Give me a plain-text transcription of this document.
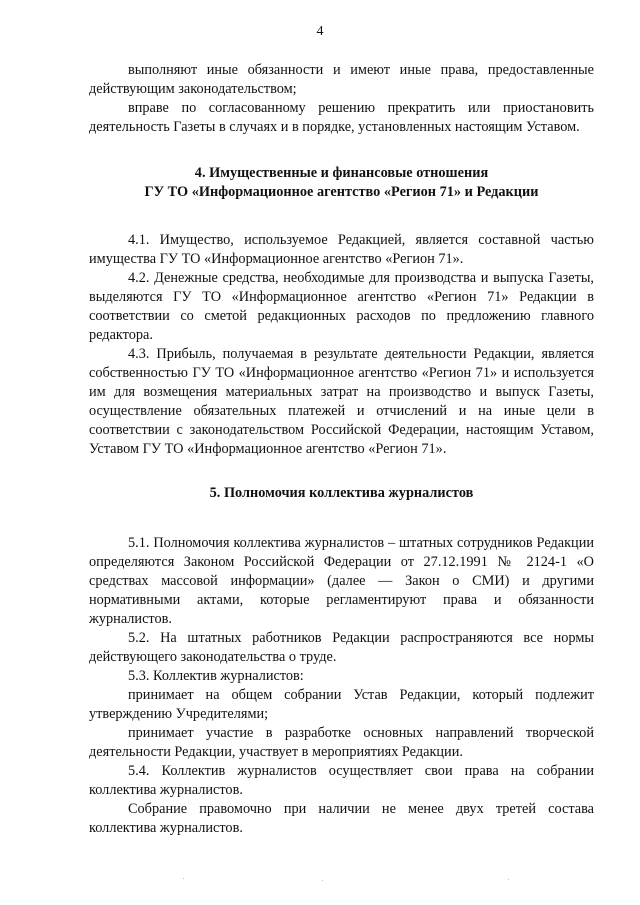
4

выполняют иные обязанности и имеют иные права, предоставленные действующим законодательством;

вправе по согласованному решению прекратить или приостановить деятельность Газеты в случаях и в порядке, установленных настоящим Уставом.

4. Имущественные и финансовые отношения
ГУ ТО «Информационное агентство «Регион 71» и Редакции

4.1. Имущество, используемое Редакцией, является составной частью имущества ГУ ТО «Информационное агентство «Регион 71».

4.2. Денежные средства, необходимые для производства и выпуска Газеты, выделяются ГУ ТО «Информационное агентство «Регион 71» Редакции в соответствии со сметой редакционных расходов по предложению главного редактора.

4.3. Прибыль, получаемая в результате деятельности Редакции, является собственностью ГУ ТО «Информационное агентство «Регион 71» и используется им для возмещения материальных затрат на производство и выпуск Газеты, осуществление обязательных платежей и отчислений и на иные цели в соответствии с законодательством Российской Федерации, настоящим Уставом, Уставом ГУ ТО «Информационное агентство «Регион 71».

5. Полномочия коллектива журналистов

5.1. Полномочия коллектива журналистов – штатных сотрудников Редакции определяются Законом Российской Федерации от 27.12.1991 № 2124-1 «О средствах массовой информации» (далее — Закон о СМИ) и другими нормативными актами, которые регламентируют права и обязанности журналистов.

5.2. На штатных работников Редакции распространяются все нормы действующего законодательства о труде.

5.3. Коллектив журналистов:

принимает на общем собрании Устав Редакции, который подлежит утверждению Учредителями;

принимает участие в разработке основных направлений творческой деятельности Редакции, участвует в мероприятиях Редакции.

5.4. Коллектив журналистов осуществляет свои права на собрании коллектива журналистов.

Собрание правомочно при наличии не менее двух третей состава коллектива журналистов.
